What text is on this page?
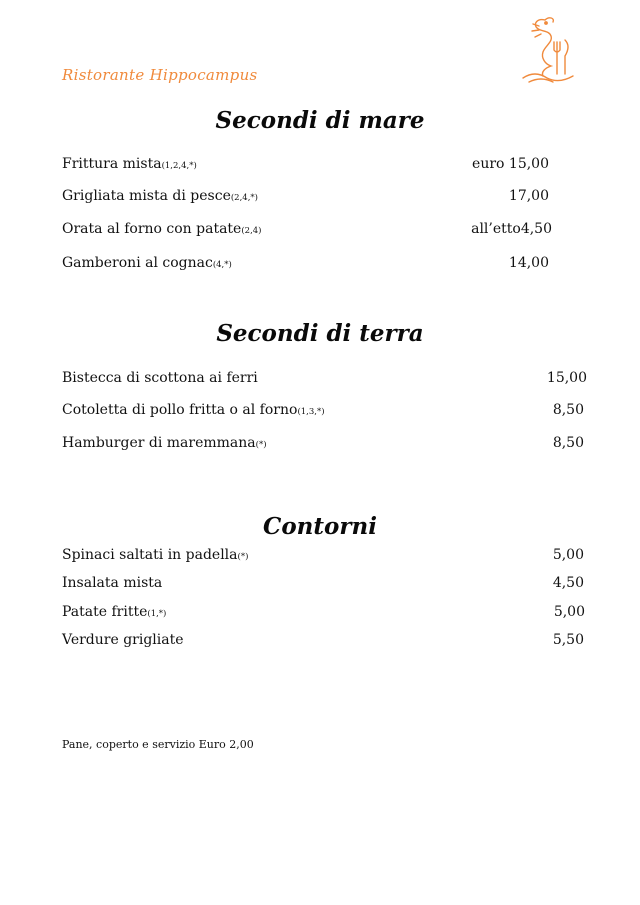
Ristorante Hippocampus
Secondi di mare
Frittura mista(1,2,4,*)	euro 15,00
Grigliata mista di pesce(2,4,*)	17,00
Orata al forno con patate(2,4)	all’etto4,50
Gamberoni al cognac(4,*)	14,00
Secondi di terra
Bistecca di scottona ai ferri	15,00
Cotoletta di pollo fritta o al forno(1,3,*)	8,50
Hamburger di maremmana(*)	8,50
Contorni
Spinaci saltati in padella(*)	5,00
Insalata mista	4,50
Patate fritte(1,*)	5,00
Verdure grigliate	5,50
Pane, coperto e servizio Euro 2,00
